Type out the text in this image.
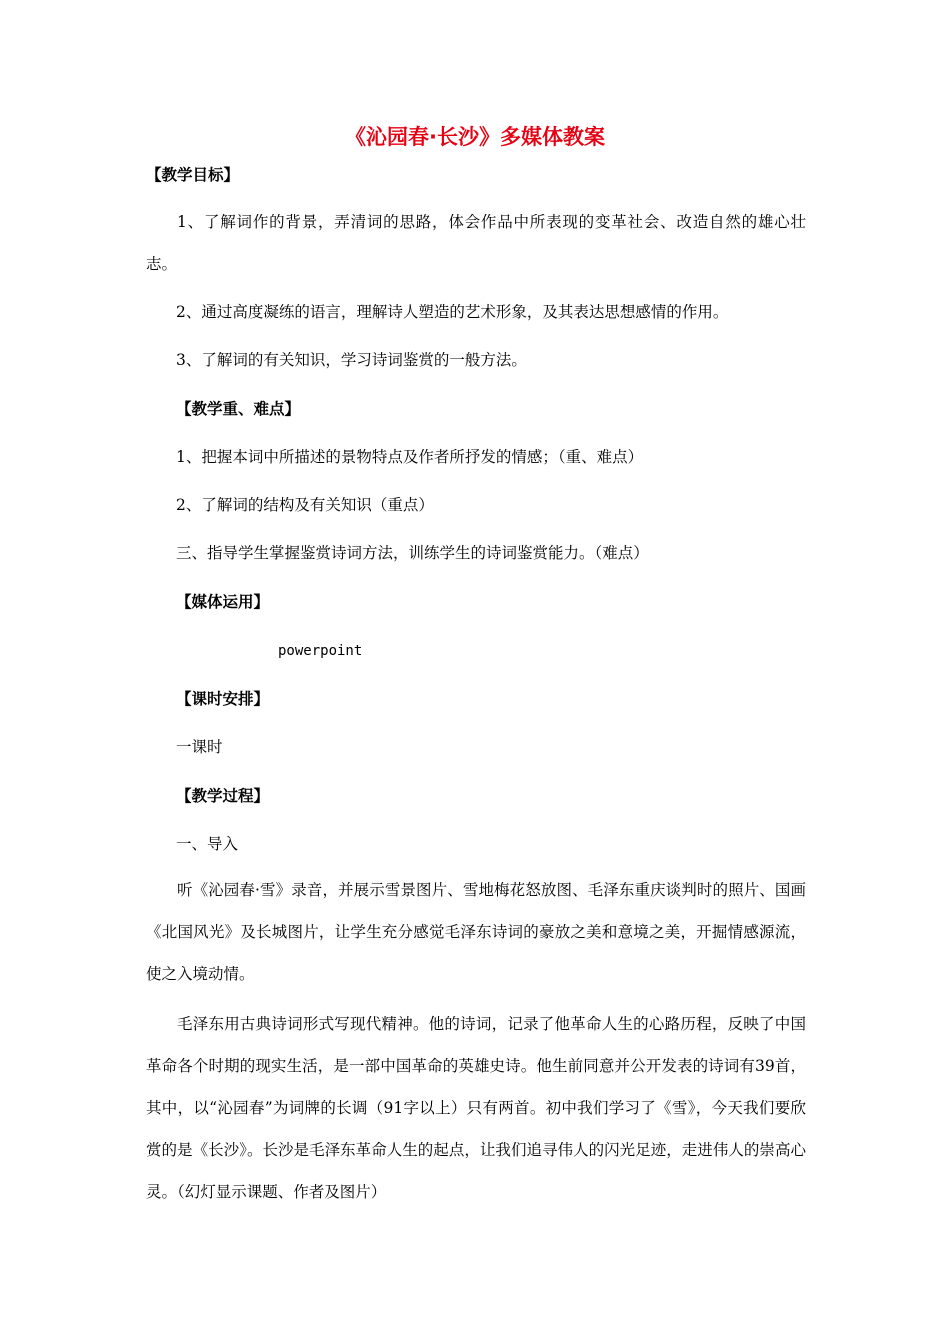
《沁园春·长沙》多媒体教案
【教学目标】

1、了解词作的背景，弄清词的思路，体会作品中所表现的变革社会、改造自然的雄心壮志。

2、通过高度凝练的语言，理解诗人塑造的艺术形象，及其表达思想感情的作用。
3、了解词的有关知识，学习诗词鉴赏的一般方法。
【教学重、难点】
1、把握本词中所描述的景物特点及作者所抒发的情感；（重、难点）
2、了解词的结构及有关知识（重点）
三、指导学生掌握鉴赏诗词方法，训练学生的诗词鉴赏能力。（难点）
【媒体运用】
powerpoint
【课时安排】
一课时
【教学过程】
一、导入

听《沁园春·雪》录音，并展示雪景图片、雪地梅花怒放图、毛泽东重庆谈判时的照片、国画《北国风光》及长城图片，让学生充分感觉毛泽东诗词的豪放之美和意境之美，开掘情感源流，使之入境动情。

毛泽东用古典诗词形式写现代精神。他的诗词，记录了他革命人生的心路历程，反映了中国革命各个时期的现实生活，是一部中国革命的英雄史诗。他生前同意并公开发表的诗词有39首，其中，以“沁园春”为词牌的长调（91字以上）只有两首。初中我们学习了《雪》，今天我们要欣赏的是《长沙》。长沙是毛泽东革命人生的起点，让我们追寻伟人的闪光足迹，走进伟人的崇高心灵。（幻灯显示课题、作者及图片）
